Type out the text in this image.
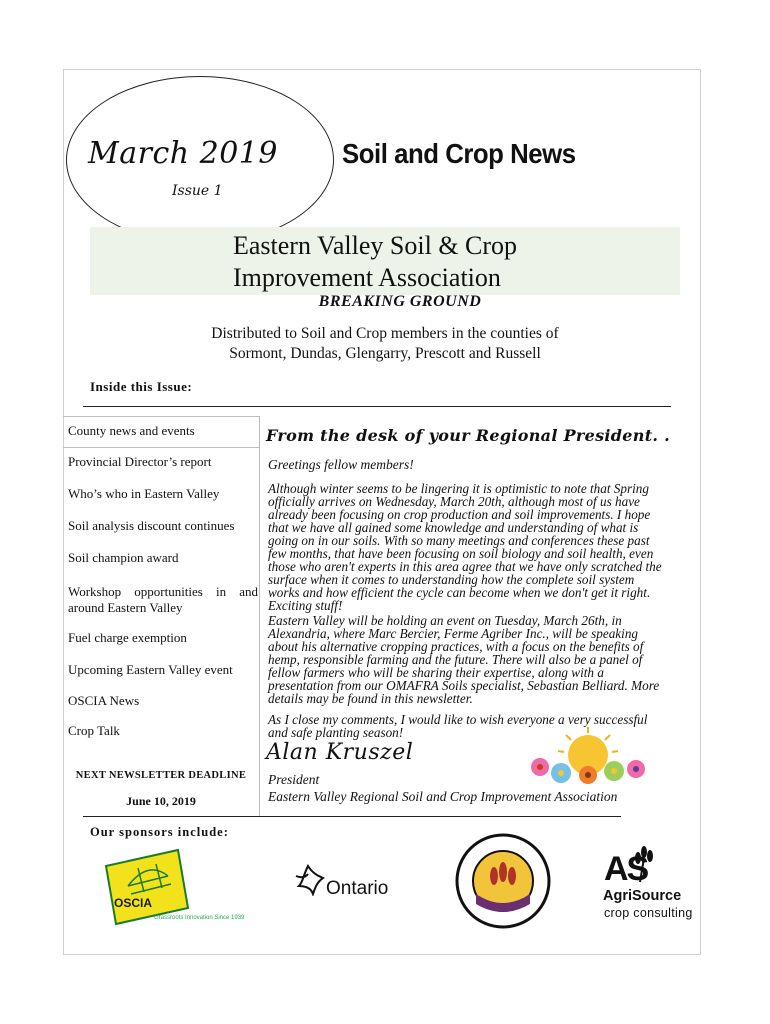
March 2019
Issue 1
Soil and Crop News
Eastern Valley Soil & Crop
Improvement Association
BREAKING GROUND
Distributed to Soil and Crop members in the counties of
Sormont, Dundas, Glengarry, Prescott and Russell
Inside this Issue:
County news and events
Provincial Director’s report
Who’s who in Eastern Valley
Soil analysis discount continues
Soil champion award
Workshop opportunities in and around Eastern Valley
Fuel charge exemption
Upcoming Eastern Valley event
OSCIA News
Crop Talk
NEXT NEWSLETTER DEADLINE
June 10, 2019
From the desk of your Regional President. .
Greetings fellow members!
Although winter seems to be lingering it is optimistic to note that Spring
officially arrives on Wednesday, March 20th, although most of us have
already been focusing on crop production and soil improvements. I hope
that we have all gained some knowledge and understanding of what is
going on in our soils. With so many meetings and conferences these past
few months, that have been focusing on soil biology and soil health, even
those who aren't experts in this area agree that we have only scratched the
surface when it comes to understanding how the complete soil system
works and how efficient the cycle can become when we don't get it right.
Exciting stuff!
Eastern Valley will be holding an event on Tuesday, March 26th, in
Alexandria, where Marc Bercier, Ferme Agriber Inc., will be speaking
about his alternative cropping practices, with a focus on the benefits of
hemp, responsible farming and the future. There will also be a panel of
fellow farmers who will be sharing their expertise, along with a
presentation from our OMAFRA Soils specialist, Sebastian Belliard. More
details may be found in this newsletter.
As I close my comments, I would like to wish everyone a very successful
and safe planting season!
Alan Kruszel
President
Eastern Valley Regional Soil and Crop Improvement Association
Our sponsors include:
OSCIA
Grassroots Innovation Since 1939
Ontario
AS
AgriSource
crop consulting
